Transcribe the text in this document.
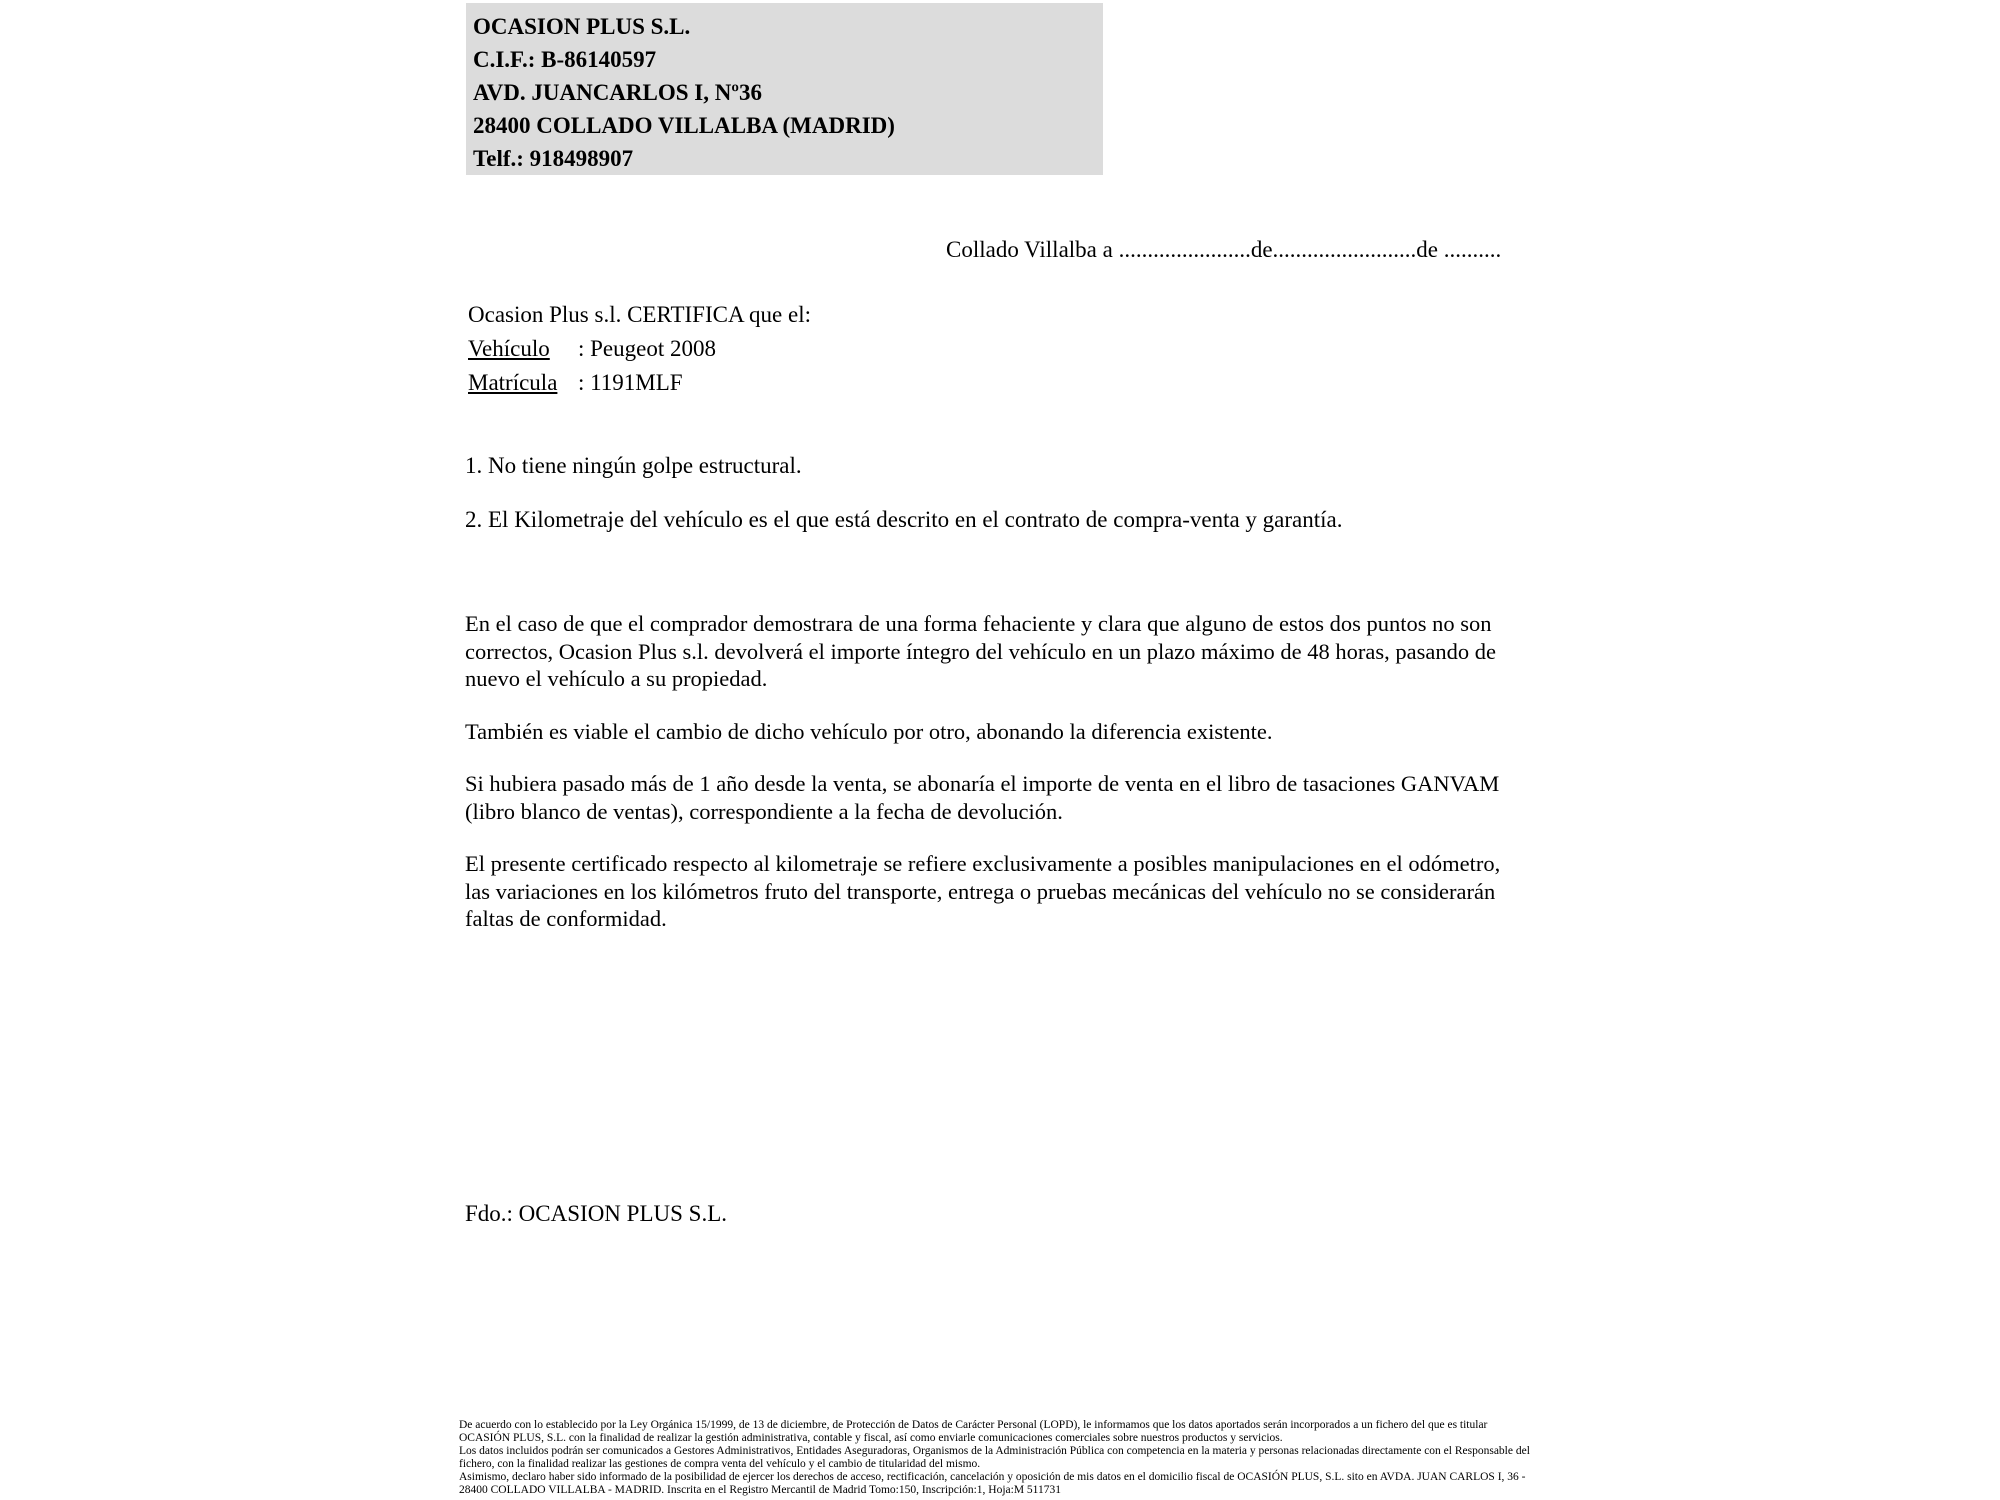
OCASION PLUS S.L.
C.I.F.: B-86140597
AVD. JUANCARLOS I, Nº36
28400 COLLADO VILLALBA (MADRID)
Telf.: 918498907
Collado Villalba a .......................de.........................de ..........
Ocasion Plus s.l. CERTIFICA que el:
Vehículo : Peugeot 2008
Matrícula : 1191MLF

1. No tiene ningún golpe estructural.

2. El Kilometraje del vehículo es el que está descrito en el contrato de compra-venta y garantía.

En el caso de que el comprador demostrara de una forma fehaciente y clara que alguno de estos dos puntos no son correctos, Ocasion Plus s.l. devolverá el importe íntegro del vehículo en un plazo máximo de 48 horas, pasando de nuevo el vehículo a su propiedad.

También es viable el cambio de dicho vehículo por otro, abonando la diferencia existente.

Si hubiera pasado más de 1 año desde la venta, se abonaría el importe de venta en el libro de tasaciones GANVAM (libro blanco de ventas), correspondiente a la fecha de devolución.

El presente certificado respecto al kilometraje se refiere exclusivamente a posibles manipulaciones en el odómetro, las variaciones en los kilómetros fruto del transporte, entrega o pruebas mecánicas del vehículo no se considerarán faltas de conformidad.

Fdo.: OCASION PLUS S.L.

De acuerdo con lo establecido por la Ley Orgánica 15/1999, de 13 de diciembre, de Protección de Datos de Carácter Personal (LOPD), le informamos que los datos aportados serán incorporados a un fichero del que es titular OCASIÓN PLUS, S.L. con la finalidad de realizar la gestión administrativa, contable y fiscal, así como enviarle comunicaciones comerciales sobre nuestros productos y servicios.

Los datos incluidos podrán ser comunicados a Gestores Administrativos, Entidades Aseguradoras, Organismos de la Administración Pública con competencia en la materia y personas relacionadas directamente con el Responsable del fichero, con la finalidad realizar las gestiones de compra venta del vehículo y el cambio de titularidad del mismo.

Asimismo, declaro haber sido informado de la posibilidad de ejercer los derechos de acceso, rectificación, cancelación y oposición de mis datos en el domicilio fiscal de OCASIÓN PLUS, S.L. sito en AVDA. JUAN CARLOS I, 36 - 28400 COLLADO VILLALBA - MADRID. Inscrita en el Registro Mercantil de Madrid Tomo:150, Inscripción:1, Hoja:M 511731
